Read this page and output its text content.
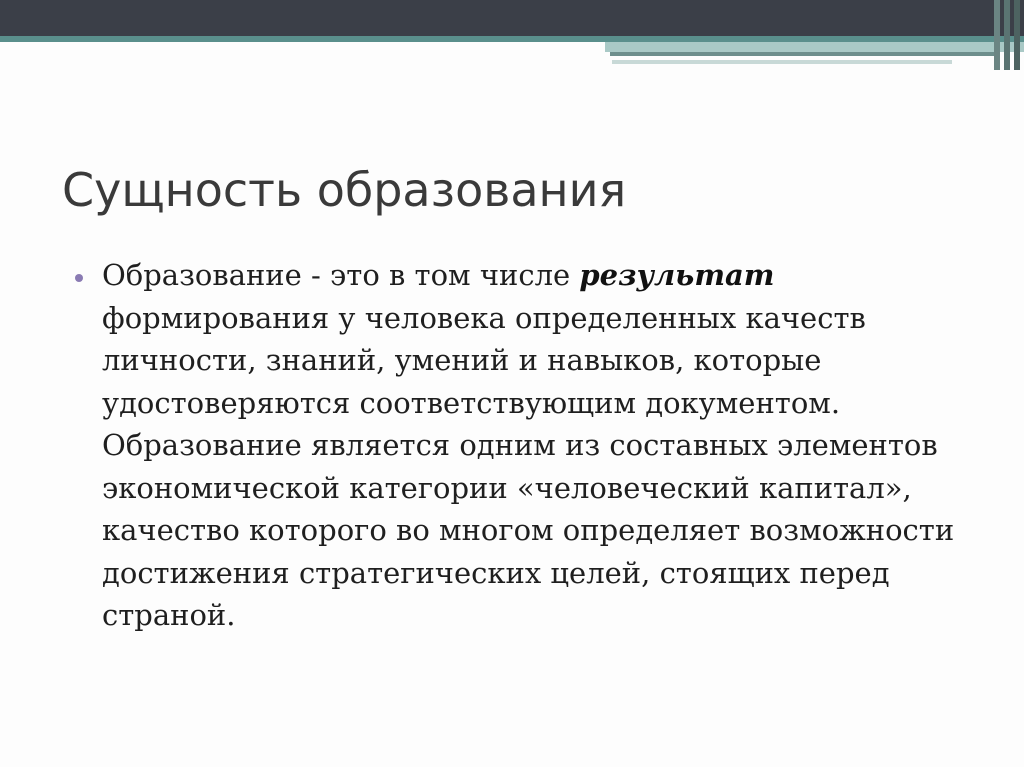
Сущность образования
Образование - это в том числе результат формирования у человека определенных качеств личности, знаний, умений и навыков, которые удостоверяются соответствующим документом. Образование является одним из составных элементов экономической категории «человеческий капитал», качество которого во многом определяет возможности достижения стратегических целей, стоящих перед страной.
